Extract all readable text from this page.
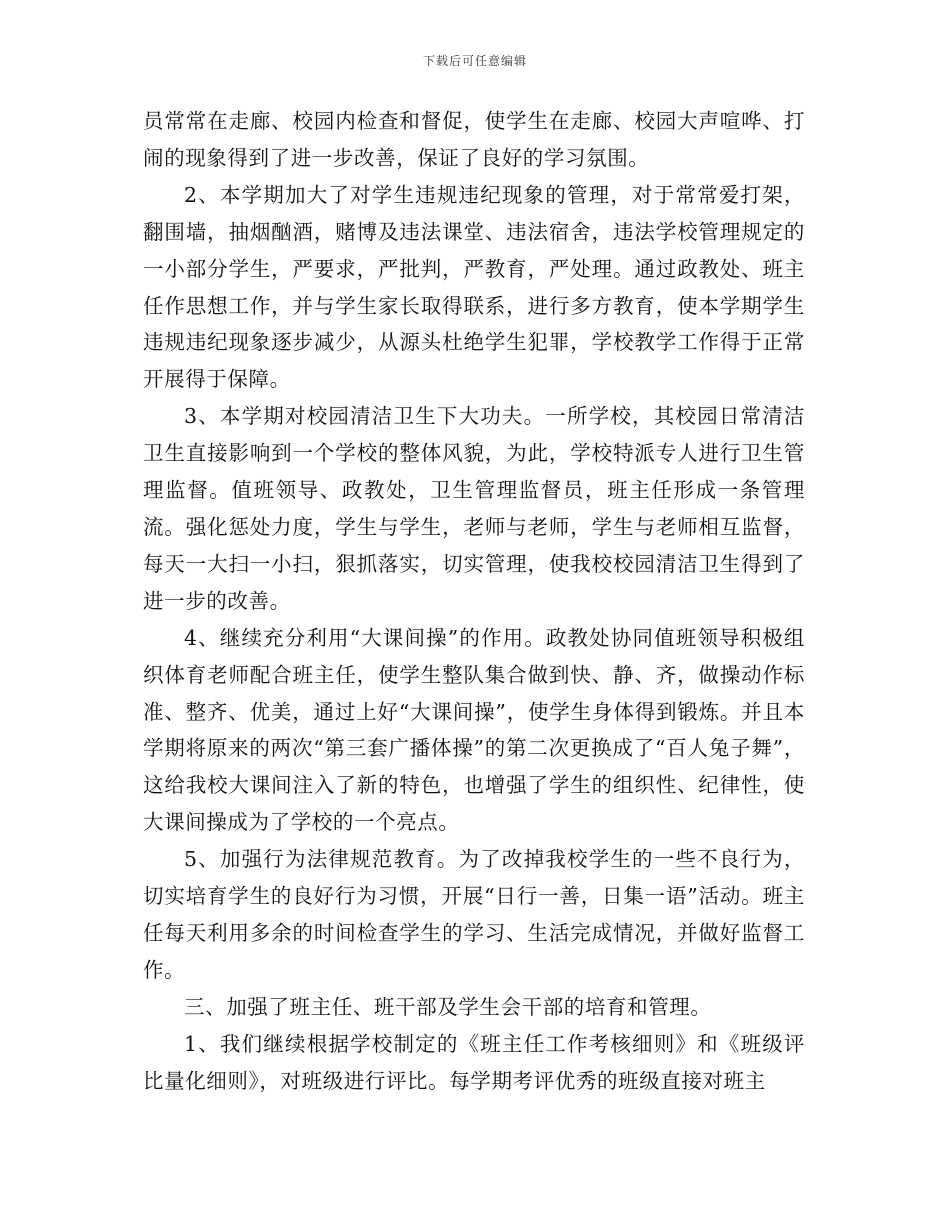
下载后可任意编辑

员常常在走廊、校园内检查和督促，使学生在走廊、校园大声喧哗、打闹的现象得到了进一步改善，保证了良好的学习氛围。

2、本学期加大了对学生违规违纪现象的管理，对于常常爱打架，翻围墙，抽烟酗酒，赌博及违法课堂、违法宿舍，违法学校管理规定的一小部分学生，严要求，严批判，严教育，严处理。通过政教处、班主任作思想工作，并与学生家长取得联系，进行多方教育，使本学期学生违规违纪现象逐步减少，从源头杜绝学生犯罪，学校教学工作得于正常开展得于保障。

3、本学期对校园清洁卫生下大功夫。一所学校，其校园日常清洁卫生直接影响到一个学校的整体风貌，为此，学校特派专人进行卫生管理监督。值班领导、政教处，卫生管理监督员，班主任形成一条管理流。强化惩处力度，学生与学生，老师与老师，学生与老师相互监督，每天一大扫一小扫，狠抓落实，切实管理，使我校校园清洁卫生得到了进一步的改善。

4、继续充分利用“大课间操”的作用。政教处协同值班领导积极组织体育老师配合班主任，使学生整队集合做到快、静、齐，做操动作标准、整齐、优美，通过上好“大课间操”，使学生身体得到锻炼。并且本学期将原来的两次“第三套广播体操”的第二次更换成了“百人兔子舞”，这给我校大课间注入了新的特色，也增强了学生的组织性、纪律性，使大课间操成为了学校的一个亮点。

5、加强行为法律规范教育。为了改掉我校学生的一些不良行为，切实培育学生的良好行为习惯，开展“日行一善，日集一语”活动。班主任每天利用多余的时间检查学生的学习、生活完成情况，并做好监督工作。

三、加强了班主任、班干部及学生会干部的培育和管理。

1、我们继续根据学校制定的《班主任工作考核细则》和《班级评比量化细则》，对班级进行评比。每学期考评优秀的班级直接对班主
